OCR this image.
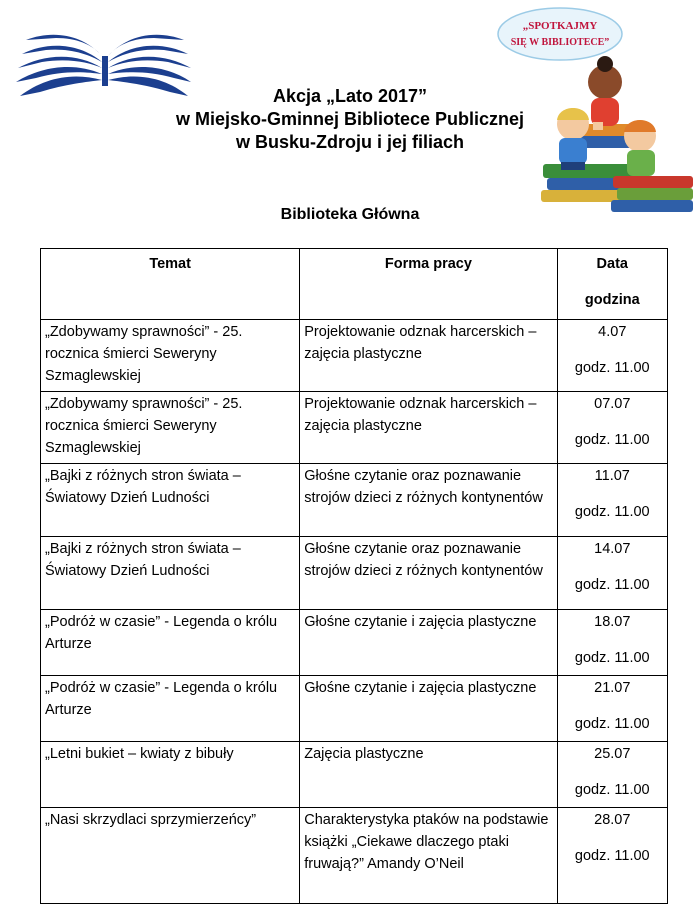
„SPOTKAJMY
SIĘ W BIBLIOTECE”
Akcja „Lato 2017”
w Miejsko-Gminnej Bibliotece Publicznej
w Busku-Zdroju i jej filiach
Biblioteka Główna
Temat	Forma pracy	Data
godzina

„Zdobywamy sprawności” - 25. rocznica śmierci Seweryny Szmaglewskiej	Projektowanie odznak harcerskich – zajęcia plastyczne	4.07
godz. 11.00

„Zdobywamy sprawności” - 25. rocznica śmierci Seweryny Szmaglewskiej	Projektowanie odznak harcerskich – zajęcia plastyczne	07.07
godz. 11.00

„Bajki z różnych stron świata – Światowy Dzień Ludności	Głośne czytanie oraz poznawanie strojów dzieci z różnych kontynentów	11.07
godz. 11.00

„Bajki z różnych stron świata – Światowy Dzień Ludności	Głośne czytanie oraz poznawanie strojów dzieci z różnych kontynentów	14.07
godz. 11.00

„Podróż w czasie” - Legenda o królu Arturze	Głośne czytanie i zajęcia plastyczne	18.07
godz. 11.00

„Podróż w czasie” - Legenda o królu Arturze	Głośne czytanie i zajęcia plastyczne	21.07
godz. 11.00

„Letni bukiet – kwiaty z bibuły	Zajęcia plastyczne	25.07
godz. 11.00

„Nasi skrzydlaci sprzymierzeńcy”	Charakterystyka ptaków na podstawie książki „Ciekawe dlaczego ptaki fruwają?” Amandy O’Neil	28.07
godz. 11.00
